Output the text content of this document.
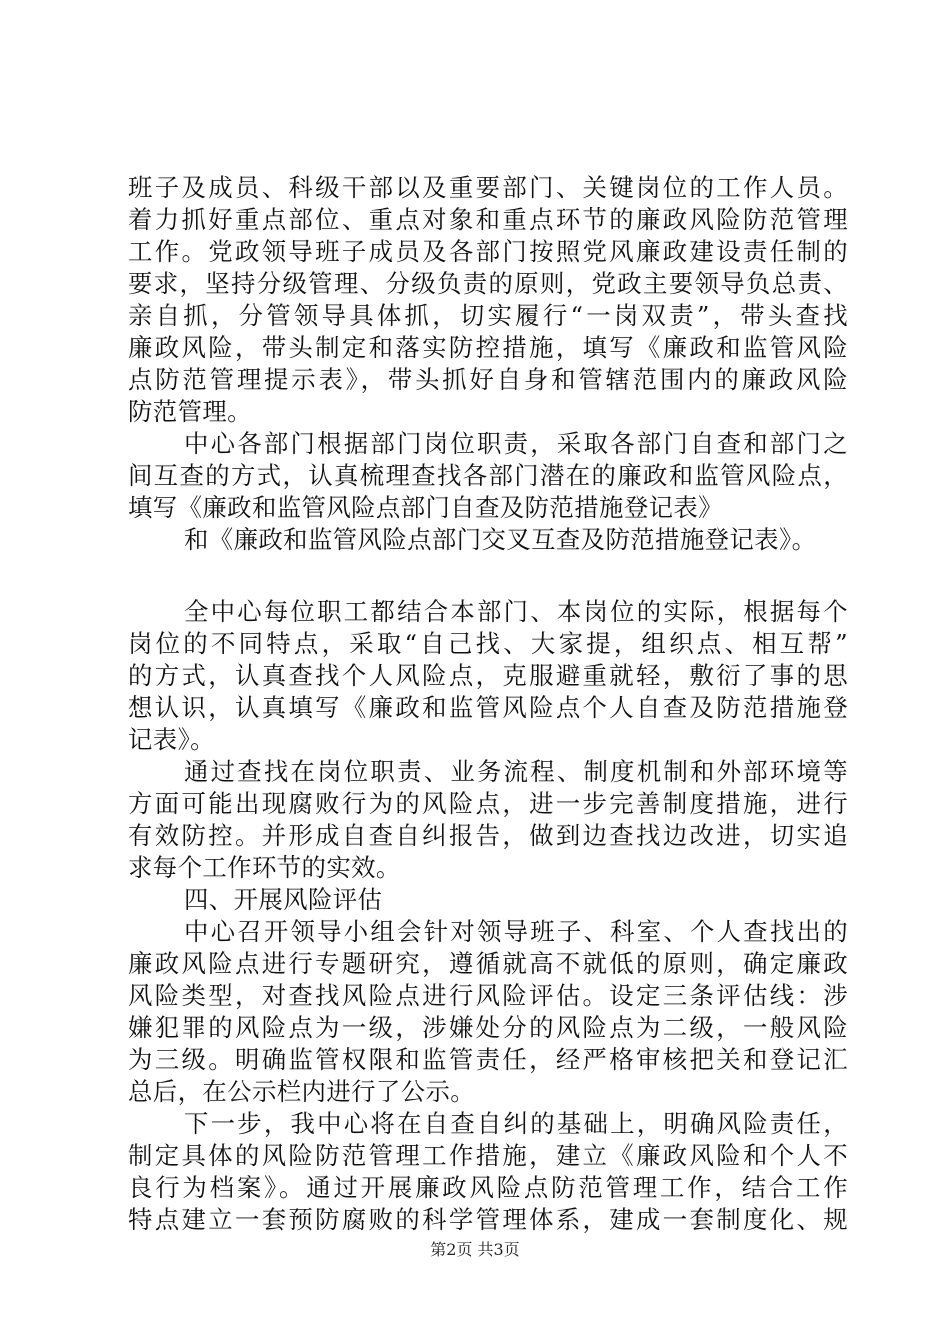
班子及成员、科级干部以及重要部门、关键岗位的工作人员。
着力抓好重点部位、重点对象和重点环节的廉政风险防范管理
工作。党政领导班子成员及各部门按照党风廉政建设责任制的
要求，坚持分级管理、分级负责的原则，党政主要领导负总责、
亲自抓，分管领导具体抓，切实履行“一岗双责”，带头查找
廉政风险，带头制定和落实防控措施，填写《廉政和监管风险
点防范管理提示表》，带头抓好自身和管辖范围内的廉政风险
防范管理。
中心各部门根据部门岗位职责，采取各部门自查和部门之
间互查的方式，认真梳理查找各部门潜在的廉政和监管风险点，
填写《廉政和监管风险点部门自查及防范措施登记表》
和《廉政和监管风险点部门交叉互查及防范措施登记表》。
全中心每位职工都结合本部门、本岗位的实际，根据每个
岗位的不同特点，采取“自己找、大家提，组织点、相互帮”
的方式，认真查找个人风险点，克服避重就轻，敷衍了事的思
想认识，认真填写《廉政和监管风险点个人自查及防范措施登
记表》。
通过查找在岗位职责、业务流程、制度机制和外部环境等
方面可能出现腐败行为的风险点，进一步完善制度措施，进行
有效防控。并形成自查自纠报告，做到边查找边改进，切实追
求每个工作环节的实效。
四、开展风险评估
中心召开领导小组会针对领导班子、科室、个人查找出的
廉政风险点进行专题研究，遵循就高不就低的原则，确定廉政
风险类型，对查找风险点进行风险评估。设定三条评估线：涉
嫌犯罪的风险点为一级，涉嫌处分的风险点为二级，一般风险
为三级。明确监管权限和监管责任，经严格审核把关和登记汇
总后，在公示栏内进行了公示。
下一步，我中心将在自查自纠的基础上，明确风险责任，
制定具体的风险防范管理工作措施，建立《廉政风险和个人不
良行为档案》。通过开展廉政风险点防范管理工作，结合工作
特点建立一套预防腐败的科学管理体系，建成一套制度化、规
第2页 共3页
